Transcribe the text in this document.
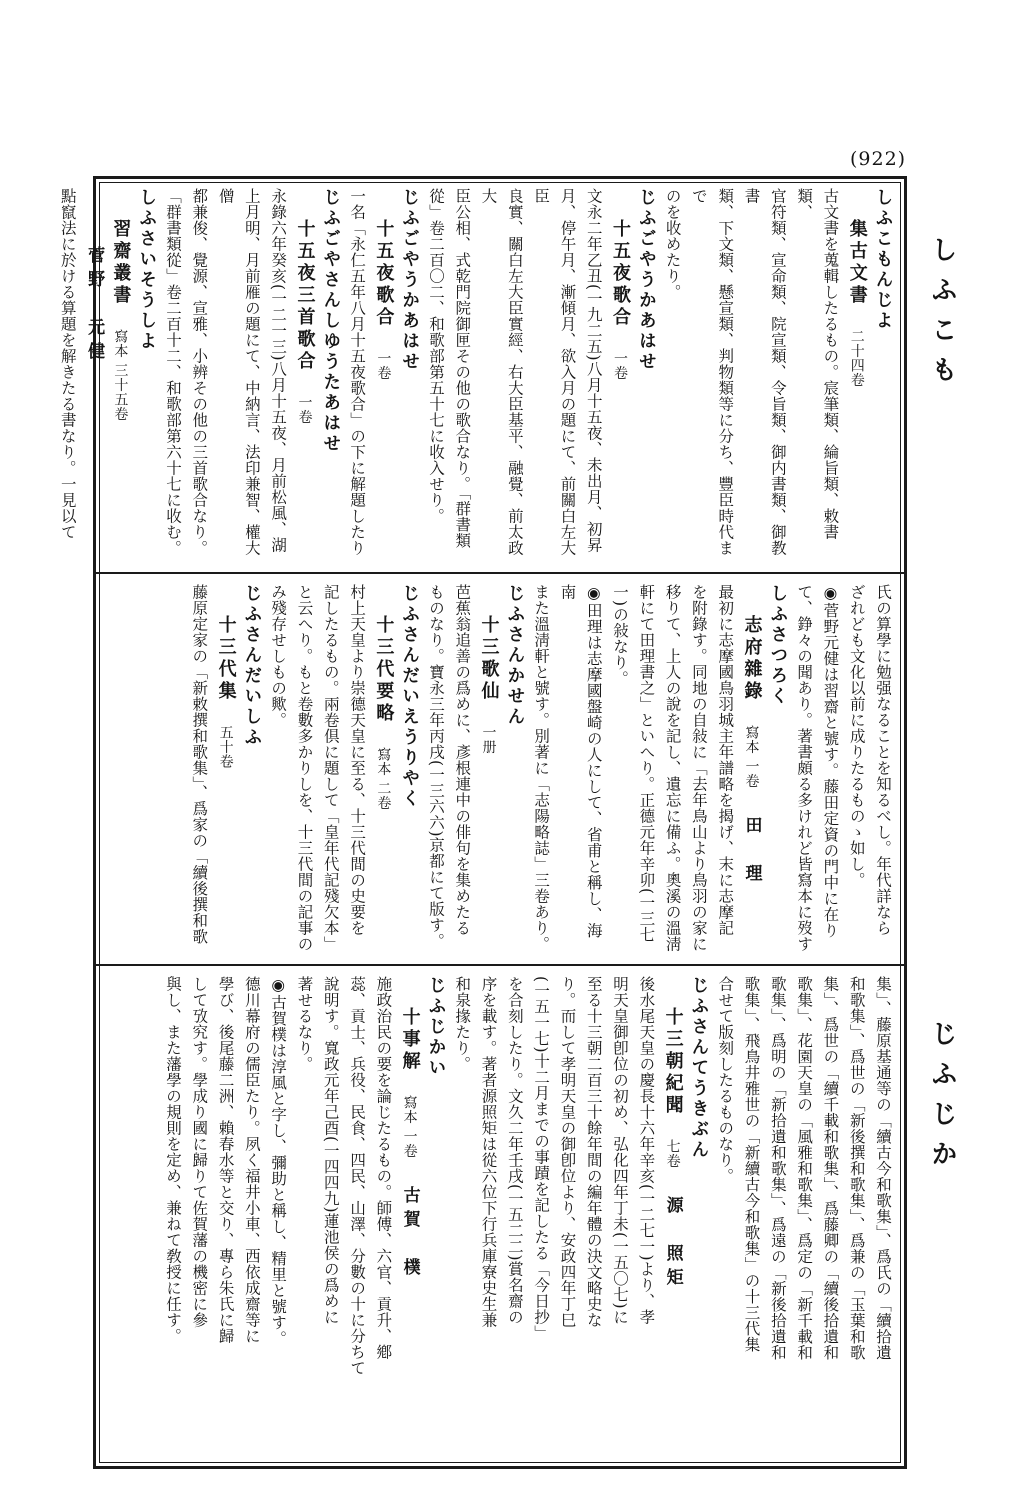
(922)
しふこも
じふじか
しふこもんじよ
集古文書二十四卷
古文書を蒐輯したるもの。宸筆類、綸旨類、敕書類、
官符類、宣命類、院宣類、令旨類、御内書類、御教書
類、下文類、懸宣類、判物類等に分ち、豐臣時代まで
のを收めたり。
じふごやうかあはせ
十五夜歌合一卷
文永二年乙丑(一九二五)八月十五夜、未出月、初昇
月、停午月、漸傾月、欲入月の題にて、前關白左大臣
良實、關白左大臣實經、右大臣基平、融覺、前太政大
臣公相、式乾門院御匣その他の歌合なり。「群書類
從」卷二百〇二、和歌部第五十七に收入せり。
じふごやうかあはせ
十五夜歌合一卷
一名「永仁五年八月十五夜歌合」の下に解題したり
じふごやさんしゆうたあはせ
十五夜三首歌合一卷
永錄六年癸亥(一二一三)八月十五夜、月前松風、湖
上月明、月前雁の題にて、中納言、法印兼智、權大僧
都兼俊、覺源、宣雅、小辨その他の三首歌合なり。
「群書類從」卷二百十二、和歌部第六十七に收む。
しふさいそうしよ
習齋叢書寫本 三十五卷菅野　元健
點竄法に於ける算題を解きたる書なり。一見以て
氏の算學に勉强なることを知るべし。年代詳なら
ざれども文化以前に成りたるものゝ如し。
◉菅野元健は習齋と號す。藤田定資の門中に在り
て、錚々の聞あり。著書頗る多けれど皆寫本に歿す
しふさつろく
志府雜錄寫本 一卷田　理
最初に志摩國鳥羽城主年譜略を揭げ、末に志摩記
を附錄す。同地の自敍に「去年鳥山より鳥羽の家に
移りて、上人の說を記し、遺忘に備ふ。奧溪の溫淸
軒にて田理書之」といへり。正德元年辛卯(一三七
一)の敍なり。
◉田理は志摩國盤崎の人にして、省甫と稱し、海南
また溫淸軒と號す。別著に「志陽略誌」三卷あり。
じふさんかせん
十三歌仙一册
芭蕉翁追善の爲めに、彥根連中の俳句を集めたる
ものなり。寶永三年丙戌(一三六六)京都にて版す。
じふさんだいえうりやく
十三代要略寫本 二卷
村上天皇より崇德天皇に至る、十三代間の史要を
記したるもの。兩卷倶に題して「皇年代記殘欠本」
と云へり。もと卷數多かりしを、十三代間の記事の
み殘存せしもの歟。
じふさんだいしふ
十三代集五十卷
藤原定家の「新敕撰和歌集」、爲家の「續後撰和歌
集」、藤原基通等の「續古今和歌集」、爲氏の「續拾遺
和歌集」、爲世の「新後撰和歌集」、爲兼の「玉葉和歌
集」、爲世の「續千載和歌集」、爲藤卿の「續後拾遺和
歌集」、花園天皇の「風雅和歌集」、爲定の「新千載和
歌集」、爲明の「新拾遺和歌集」、爲遠の「新後拾遺和
歌集」、飛鳥井雅世の「新續古今和歌集」の十三代集
合せて版刻したるものなり。
じふさんてうきぶん
十三朝紀聞七卷源　照矩
後水尾天皇の慶長十六年辛亥(一二七一)より、孝
明天皇御卽位の初め、弘化四年丁未(一五〇七)に
至る十三朝二百三十餘年間の編年體の決文略史な
り。而して孝明天皇の御卽位より、安政四年丁巳
(一五一七)十二月までの事蹟を記したる「今日抄」
を合刻したり。文久二年壬戌(一五二二)賞名齋の
序を載す。著者源照矩は從六位下行兵庫寮史生兼
和泉掾たり。
じふじかい
十事解寫本 一卷古賀　樸
施政治民の要を論じたるもの。師傅、六官、貢升、鄕
蕊、貢士、兵役、民食、四民、山澤、分數の十に分ちて
說明す。寬政元年己酉(一四四九)蓮池侯の爲めに
著せるなり。
◉古賀樸は淳風と字し、彌助と稱し、精里と號す。
德川幕府の儒臣たり。夙く福井小車、西依成齋等に
學び、後尾藤二洲、賴春水等と交り、專ら朱氏に歸
して攷究す。學成り國に歸りて佐賀藩の機密に參
與し、また藩學の規則を定め、兼ねて敎授に任す。
